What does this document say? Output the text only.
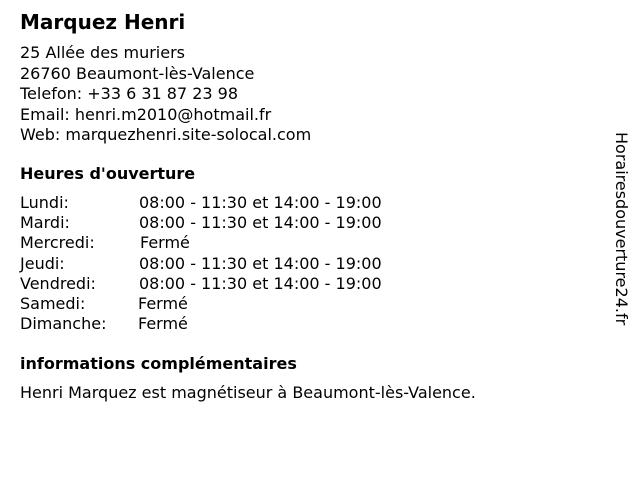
Marquez Henri
25 Allée des muriers
26760 Beaumont-lès-Valence
Telefon: +33 6 31 87 23 98
Email: henri.m2010@hotmail.fr
Web: marquezhenri.site-solocal.com
Heures d'ouverture
Lundi:	08:00 - 11:30 et 14:00 - 19:00
Mardi:	08:00 - 11:30 et 14:00 - 19:00
Mercredi:	Fermé
Jeudi:	08:00 - 11:30 et 14:00 - 19:00
Vendredi:	08:00 - 11:30 et 14:00 - 19:00
Samedi:	Fermé
Dimanche: Fermé
informations complémentaires
Henri Marquez est magnétiseur à Beaumont-lès-Valence.
Horairesdouverture24.fr
